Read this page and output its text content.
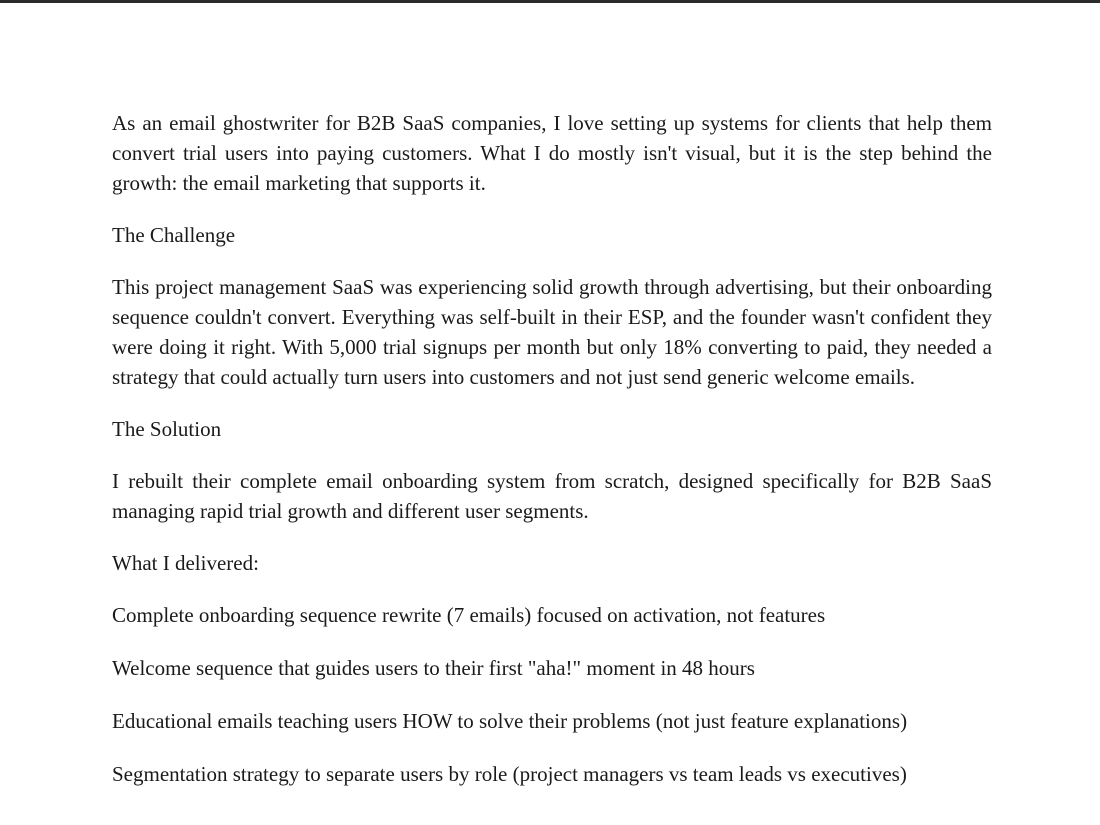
As an email ghostwriter for B2B SaaS companies, I love setting up systems for clients that help them convert trial users into paying customers. What I do mostly isn't visual, but it is the step behind the growth: the email marketing that supports it.

The Challenge

This project management SaaS was experiencing solid growth through advertising, but their onboarding sequence couldn't convert. Everything was self-built in their ESP, and the founder wasn't confident they were doing it right. With 5,000 trial signups per month but only 18% converting to paid, they needed a strategy that could actually turn users into customers and not just send generic welcome emails.

The Solution

I rebuilt their complete email onboarding system from scratch, designed specifically for B2B SaaS managing rapid trial growth and different user segments.

What I delivered:

Complete onboarding sequence rewrite (7 emails) focused on activation, not features

Welcome sequence that guides users to their first "aha!" moment in 48 hours

Educational emails teaching users HOW to solve their problems (not just feature explanations)

Segmentation strategy to separate users by role (project managers vs team leads vs executives)
